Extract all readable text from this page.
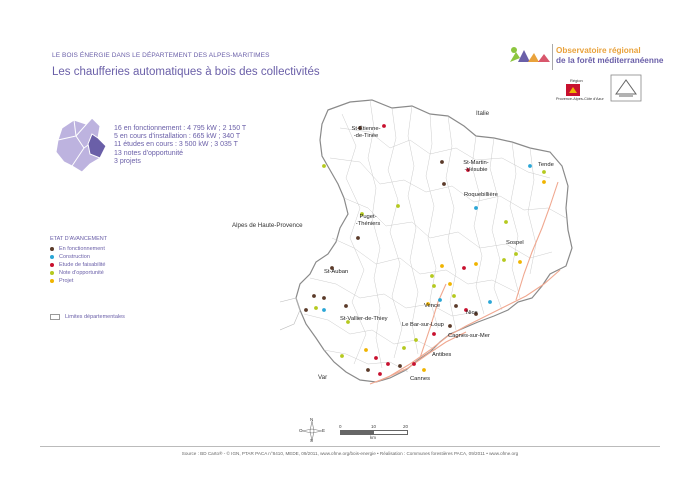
LE BOIS ÉNERGIE DANS LE DÉPARTEMENT DES ALPES-MARITIMES
Les chaufferies automatiques à bois des collectivités
Observatoire régional
de la forêt méditerranéenne
Région
Provence-Alpes-Côte d'Azur
16 en fonctionnement : 4 795 kW ; 2 150 T
5 en cours d'installation : 665 kW ; 340 T
11 études en cours : 3 500 kW ; 3 035 T
13 notes d'opportunité
3 projets
ETAT D'AVANCEMENT
En fonctionnement
Construction
Etude de faisabilité
Note d'opportunité
Projet
Limites départementales
St-Étienne-
-de-Tinée
St-Martin-
-Vésubie
Tende
Roquebillière
Puget-
-Théniers
Sospel
St-Auban
Vence
Nice
St-Vallier-de-Thiey
Le Bar-sur-Loup
Cagnes-sur-Mer
Antibes
Cannes
Italie
Alpes de Haute-Provence
Var
N
S
E
O
0	10	20
km
Source : BD Carto® - © IGN, PTAR PACA n°8410, MEDE, 09/2011, www.ofme.org/bois-energie • Réalisation : Communes forestières PACA, 09/2011 • www.ofme.org
